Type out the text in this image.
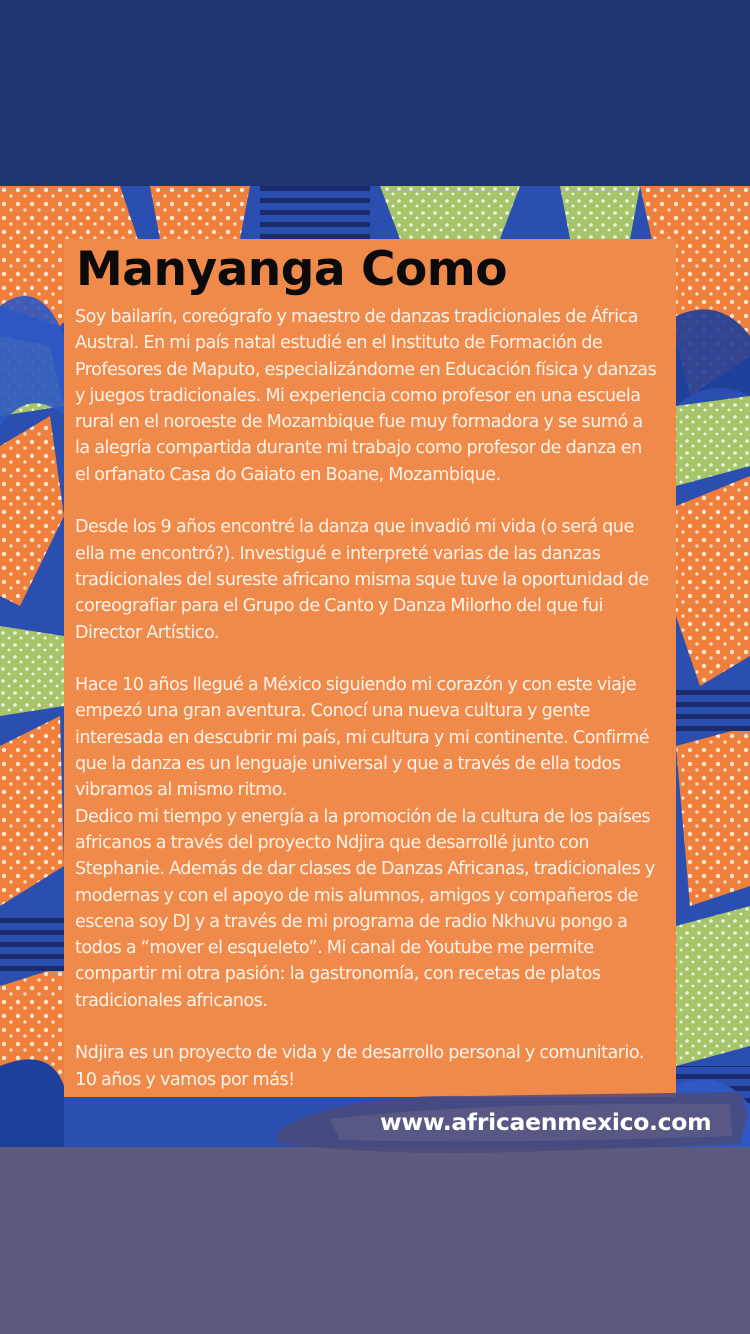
Manyanga Como

Soy bailarín, coreógrafo y maestro de danzas tradicionales de África
Austral. En mi país natal estudié en el Instituto de Formación de
Profesores de Maputo, especializándome en Educación física y danzas
y juegos tradicionales. Mi experiencia como profesor en una escuela
rural en el noroeste de Mozambique fue muy formadora y se sumó a
la alegría compartida durante mi trabajo como profesor de danza en
el orfanato Casa do Gaiato en Boane, Mozambique.

Desde los 9 años encontré la danza que invadió mi vida (o será que
ella me encontró?). Investigué e interpreté varias de las danzas
tradicionales del sureste africano misma sque tuve la oportunidad de
coreografiar para el Grupo de Canto y Danza Milorho del que fui
Director Artístico.

Hace 10 años llegué a México siguiendo mi corazón y con este viaje
empezó una gran aventura. Conocí una nueva cultura y gente
interesada en descubrir mi país, mi cultura y mi continente. Confirmé
que la danza es un lenguaje universal y que a través de ella todos
vibramos al mismo ritmo.

Dedico mi tiempo y energía a la promoción de la cultura de los países
africanos a través del proyecto Ndjira que desarrollé junto con
Stephanie. Además de dar clases de Danzas Africanas, tradicionales y
modernas y con el apoyo de mis alumnos, amigos y compañeros de
escena soy DJ y a través de mi programa de radio Nkhuvu pongo a
todos a “mover el esqueleto”. Mi canal de Youtube me permite
compartir mi otra pasión: la gastronomía, con recetas de platos
tradicionales africanos.

Ndjira es un proyecto de vida y de desarrollo personal y comunitario.
10 años y vamos por más!

www.africaenmexico.com
